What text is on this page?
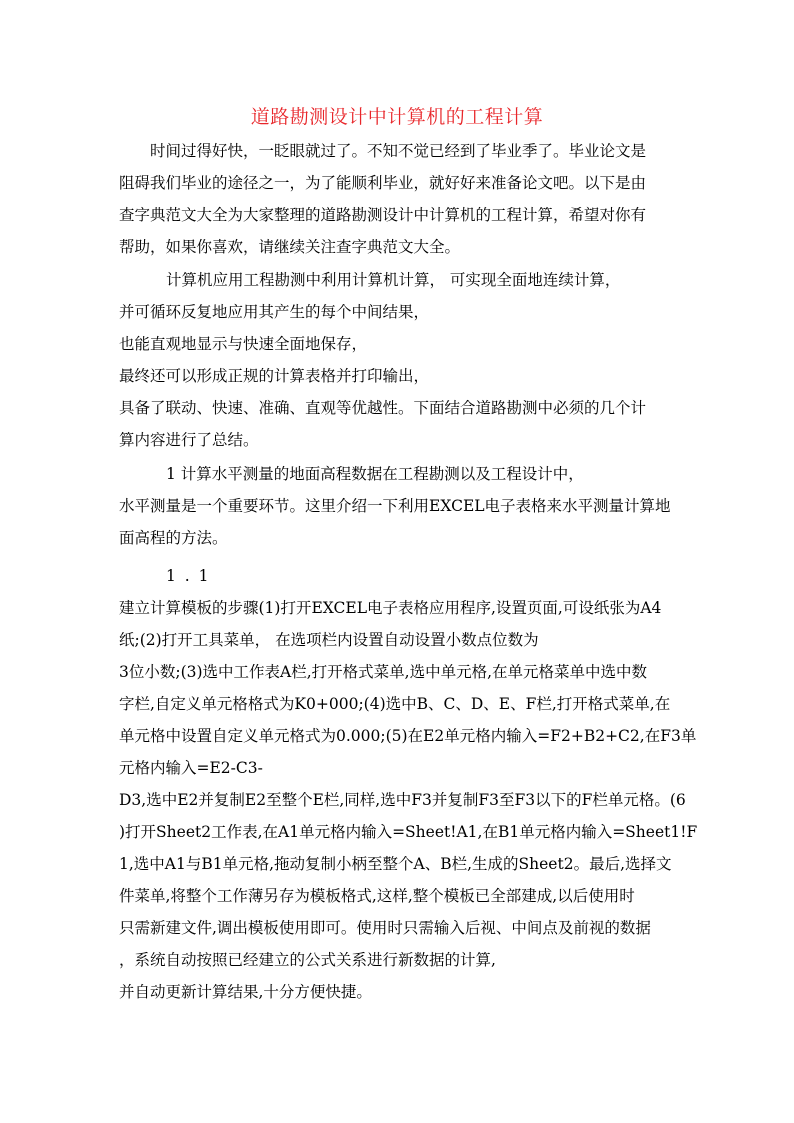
道路勘测设计中计算机的工程计算
时间过得好快，一眨眼就过了。不知不觉已经到了毕业季了。毕业论文是
阻碍我们毕业的途径之一，为了能顺利毕业，就好好来准备论文吧。以下是由
查字典范文大全为大家整理的道路勘测设计中计算机的工程计算，希望对你有
帮助，如果你喜欢，请继续关注查字典范文大全。
计算机应用工程勘测中利用计算机计算， 可实现全面地连续计算，
并可循环反复地应用其产生的每个中间结果，
也能直观地显示与快速全面地保存，
最终还可以形成正规的计算表格并打印输出，
具备了联动、快速、准确、直观等优越性。下面结合道路勘测中必须的几个计
算内容进行了总结。
1 计算水平测量的地面高程数据在工程勘测以及工程设计中，
水平测量是一个重要环节。这里介绍一下利用EXCEL电子表格来水平测量计算地
面高程的方法。
1 . 1
建立计算模板的步骤(1)打开EXCEL电子表格应用程序,设置页面,可设纸张为A4
纸;(2)打开工具菜单， 在选项栏内设置自动设置小数点位数为
3位小数;(3)选中工作表A栏,打开格式菜单,选中单元格,在单元格菜单中选中数
字栏,自定义单元格格式为K0+000;(4)选中B、C、D、E、F栏,打开格式菜单,在
单元格中设置自定义单元格式为0.000;(5)在E2单元格内输入=F2+B2+C2,在F3单
元格内输入=E2-C3-
D3,选中E2并复制E2至整个E栏,同样,选中F3并复制F3至F3以下的F栏单元格。(6
)打开Sheet2工作表,在A1单元格内输入=Sheet!A1,在B1单元格内输入=Sheet1!F
1,选中A1与B1单元格,拖动复制小柄至整个A、B栏,生成的Sheet2。最后,选择文
件菜单,将整个工作薄另存为模板格式,这样,整个模板已全部建成,以后使用时
只需新建文件,调出模板使用即可。使用时只需输入后视、中间点及前视的数据
，系统自动按照已经建立的公式关系进行新数据的计算,
并自动更新计算结果,十分方便快捷。
